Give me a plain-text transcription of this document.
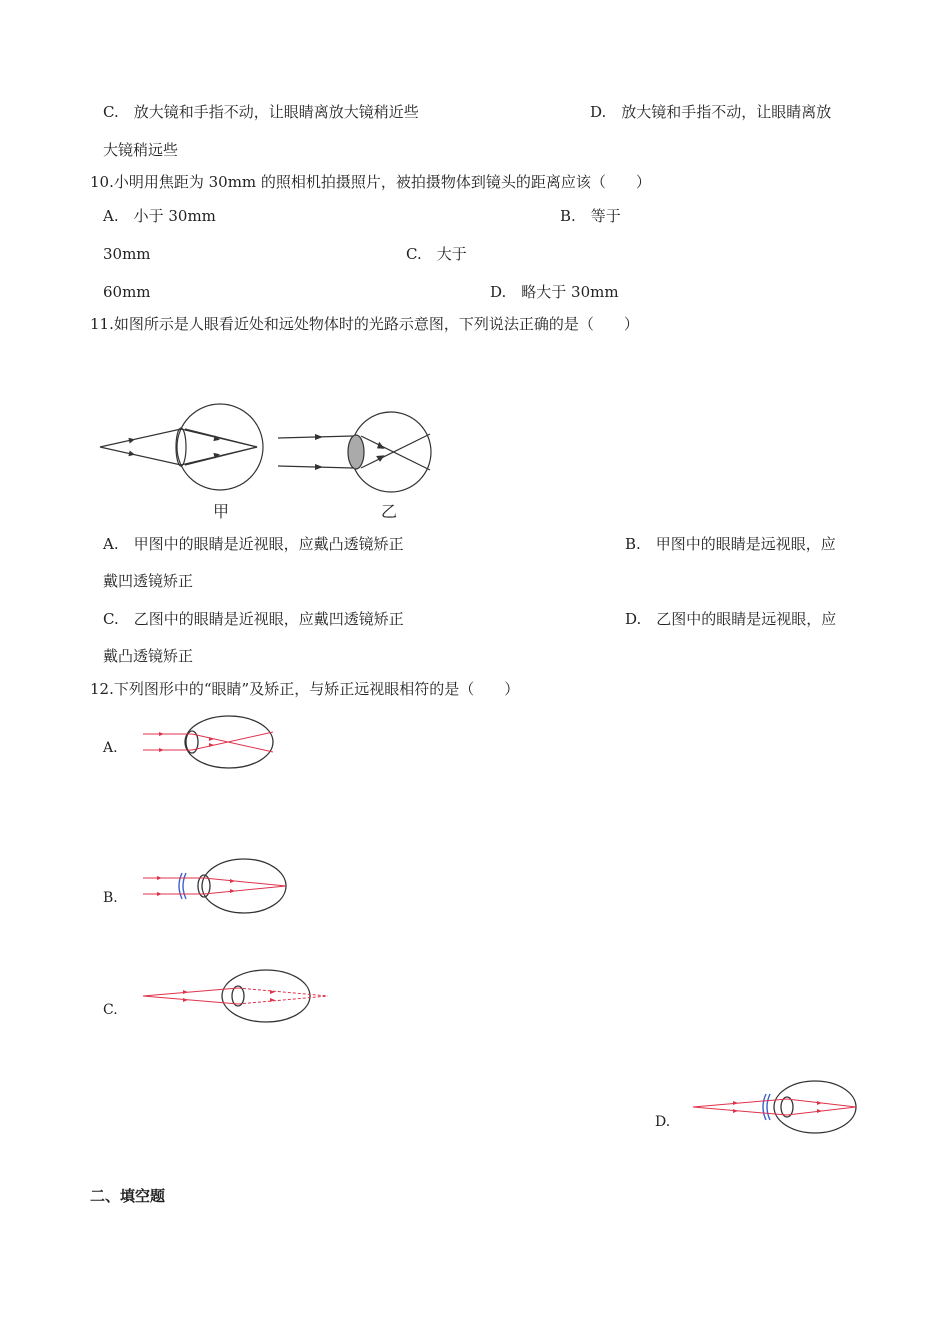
C.　放大镜和手指不动，让眼睛离放大镜稍近些	D.　放大镜和手指不动，让眼睛离放
大镜稍远些
10.小明用焦距为 30mm 的照相机拍摄照片，被拍摄物体到镜头的距离应该（　　）
A.　小于 30mm	B.　等于
30mm	C.　大于
60mm	D.　略大于 30mm
11.如图所示是人眼看近处和远处物体时的光路示意图，下列说法正确的是（　　）
甲	乙
A.　甲图中的眼睛是近视眼，应戴凸透镜矫正	B.　甲图中的眼睛是远视眼，应
戴凹透镜矫正
C.　乙图中的眼睛是近视眼，应戴凹透镜矫正	D.　乙图中的眼睛是远视眼，应
戴凸透镜矫正
12.下列图形中的“眼睛”及矫正，与矫正远视眼相符的是（　　）
A.
B.
C.
D.
二、填空题
